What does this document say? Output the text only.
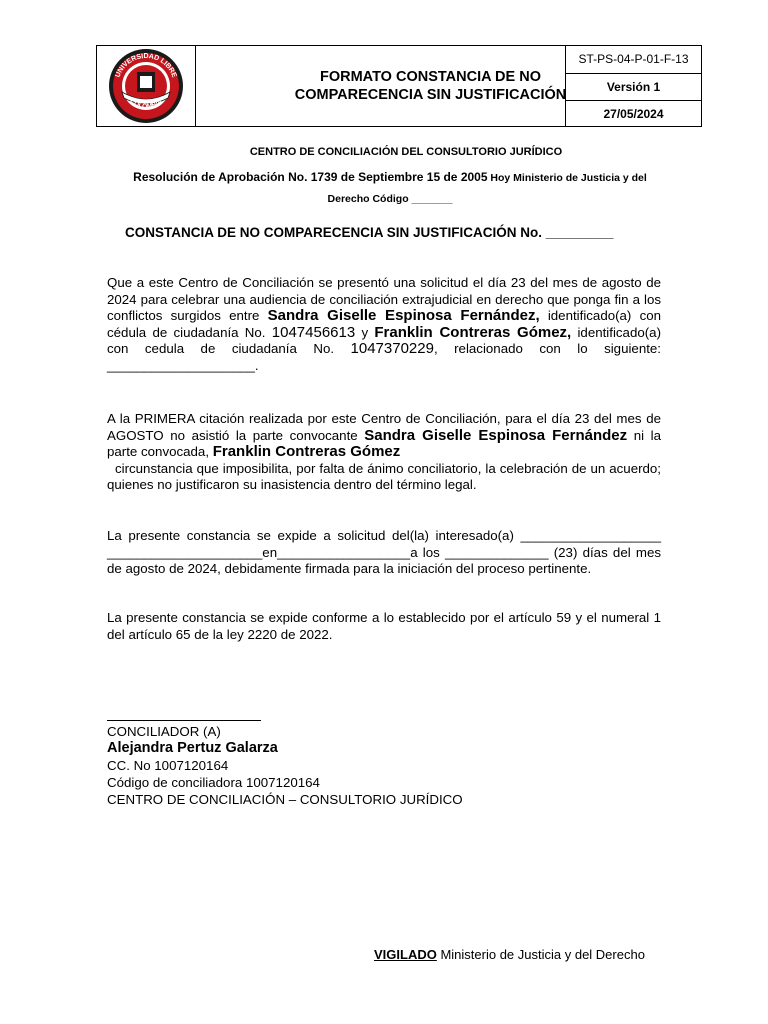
UNIVERSIDAD LIBRE
COLOMBIA
FORMATO CONSTANCIA DE NO
COMPARECENCIA SIN JUSTIFICACIÓN
ST-PS-04-P-01-F-13
Versión 1
27/05/2024
CENTRO DE CONCILIACIÓN DEL CONSULTORIO JURÍDICO
Resolución de Aprobación No. 1739 de Septiembre 15 de 2005 Hoy Ministerio de Justicia y del
Derecho Código _______
CONSTANCIA DE NO COMPARECENCIA SIN JUSTIFICACIÓN No. _________
Que a este Centro de Conciliación se presentó una solicitud el día 23 del mes de agosto de 2024 para celebrar una audiencia de conciliación extrajudicial en derecho que ponga fin a los conflictos surgidos entre Sandra Giselle Espinosa Fernández, identificado(a) con cédula de ciudadanía No. 1047456613 y Franklin Contreras Gómez, identificado(a) con cedula de ciudadanía No. 1047370229, relacionado con lo siguiente: ____________________.
A la PRIMERA citación realizada por este Centro de Conciliación, para el día 23 del mes de AGOSTO no asistió la parte convocante Sandra Giselle Espinosa Fernández ni la parte convocada, Franklin Contreras Gómez
circunstancia que imposibilita, por falta de ánimo conciliatorio, la celebración de un acuerdo; quienes no justificaron su inasistencia dentro del término legal.
La presente constancia se expide a solicitud del(la) interesado(a) ___________________ _____________________en__________________a los ______________ (23) días del mes de agosto de 2024, debidamente firmada para la iniciación del proceso pertinente.
La presente constancia se expide conforme a lo establecido por el artículo 59 y el numeral 1 del artículo 65 de la ley 2220 de 2022.
CONCILIADOR (A)
Alejandra Pertuz Galarza
CC. No 1007120164
Código de conciliadora 1007120164
CENTRO DE CONCILIACIÓN – CONSULTORIO JURÍDICO
VIGILADO Ministerio de Justicia y del Derecho
